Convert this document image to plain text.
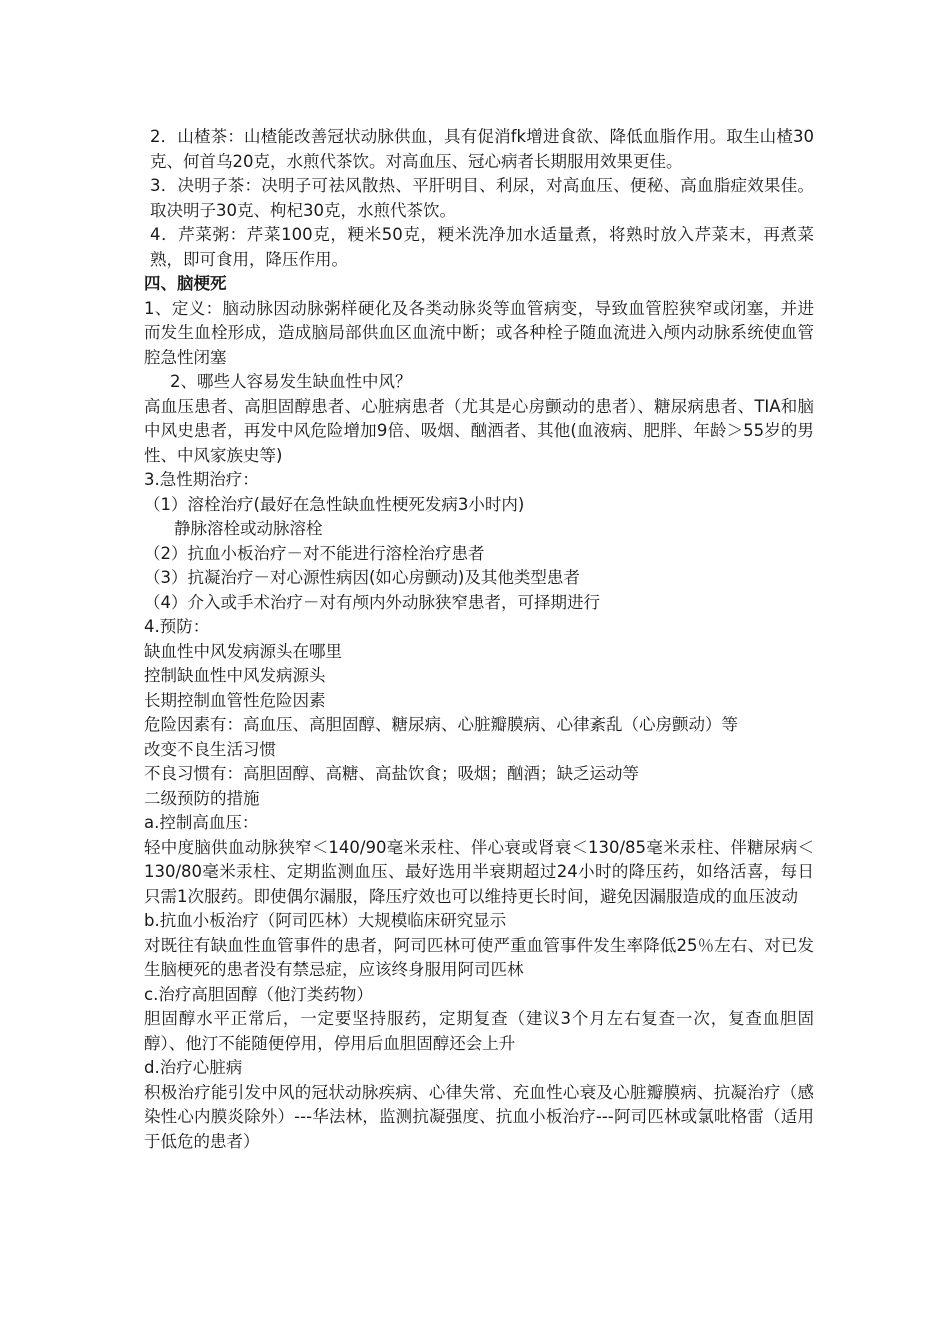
2．山楂茶：山楂能改善冠状动脉供血，具有促消fk增进食欲、降低血脂作用。取生山楂30克、何首乌20克，水煎代茶饮。对高血压、冠心病者长期服用效果更佳。
3．决明子茶：决明子可祛风散热、平肝明目、利尿，对高血压、便秘、高血脂症效果佳。取决明子30克、枸杞30克，水煎代茶饮。
4．芹菜粥：芹菜100克，粳米50克，粳米洗净加水适量煮，将熟时放入芹菜末，再煮菜熟，即可食用，降压作用。
四、脑梗死
1、定义：脑动脉因动脉粥样硬化及各类动脉炎等血管病变，导致血管腔狭窄或闭塞，并进而发生血栓形成，造成脑局部供血区血流中断；或各种栓子随血流进入颅内动脉系统使血管腔急性闭塞
2、哪些人容易发生缺血性中风？
高血压患者、高胆固醇患者、心脏病患者（尤其是心房颤动的患者）、糖尿病患者、TIA和脑中风史患者，再发中风危险增加9倍、吸烟、酗酒者、其他(血液病、肥胖、年龄＞55岁的男性、中风家族史等)
3.急性期治疗：
（1）溶栓治疗(最好在急性缺血性梗死发病3小时内)
静脉溶栓或动脉溶栓
（2）抗血小板治疗－对不能进行溶栓治疗患者
（3）抗凝治疗－对心源性病因(如心房颤动)及其他类型患者
（4）介入或手术治疗－对有颅内外动脉狭窄患者，可择期进行
4.预防：
缺血性中风发病源头在哪里
控制缺血性中风发病源头
长期控制血管性危险因素
危险因素有：高血压、高胆固醇、糖尿病、心脏瓣膜病、心律紊乱（心房颤动）等
改变不良生活习惯
不良习惯有：高胆固醇、高糖、高盐饮食；吸烟；酗酒；缺乏运动等
二级预防的措施
a.控制高血压：
轻中度脑供血动脉狭窄＜140/90毫米汞柱、伴心衰或肾衰＜130/85毫米汞柱、伴糖尿病＜130/80毫米汞柱、定期监测血压、最好选用半衰期超过24小时的降压药，如络活喜，每日只需1次服药。即使偶尔漏服，降压疗效也可以维持更长时间，避免因漏服造成的血压波动
b.抗血小板治疗（阿司匹林）大规模临床研究显示
对既往有缺血性血管事件的患者，阿司匹林可使严重血管事件发生率降低25％左右、对已发生脑梗死的患者没有禁忌症，应该终身服用阿司匹林
c.治疗高胆固醇（他汀类药物）
胆固醇水平正常后，一定要坚持服药，定期复查（建议3个月左右复查一次，复查血胆固醇）、他汀不能随便停用，停用后血胆固醇还会上升
d.治疗心脏病
积极治疗能引发中风的冠状动脉疾病、心律失常、充血性心衰及心脏瓣膜病、抗凝治疗（感染性心内膜炎除外）---华法林，监测抗凝强度、抗血小板治疗---阿司匹林或氯吡格雷（适用于低危的患者）
